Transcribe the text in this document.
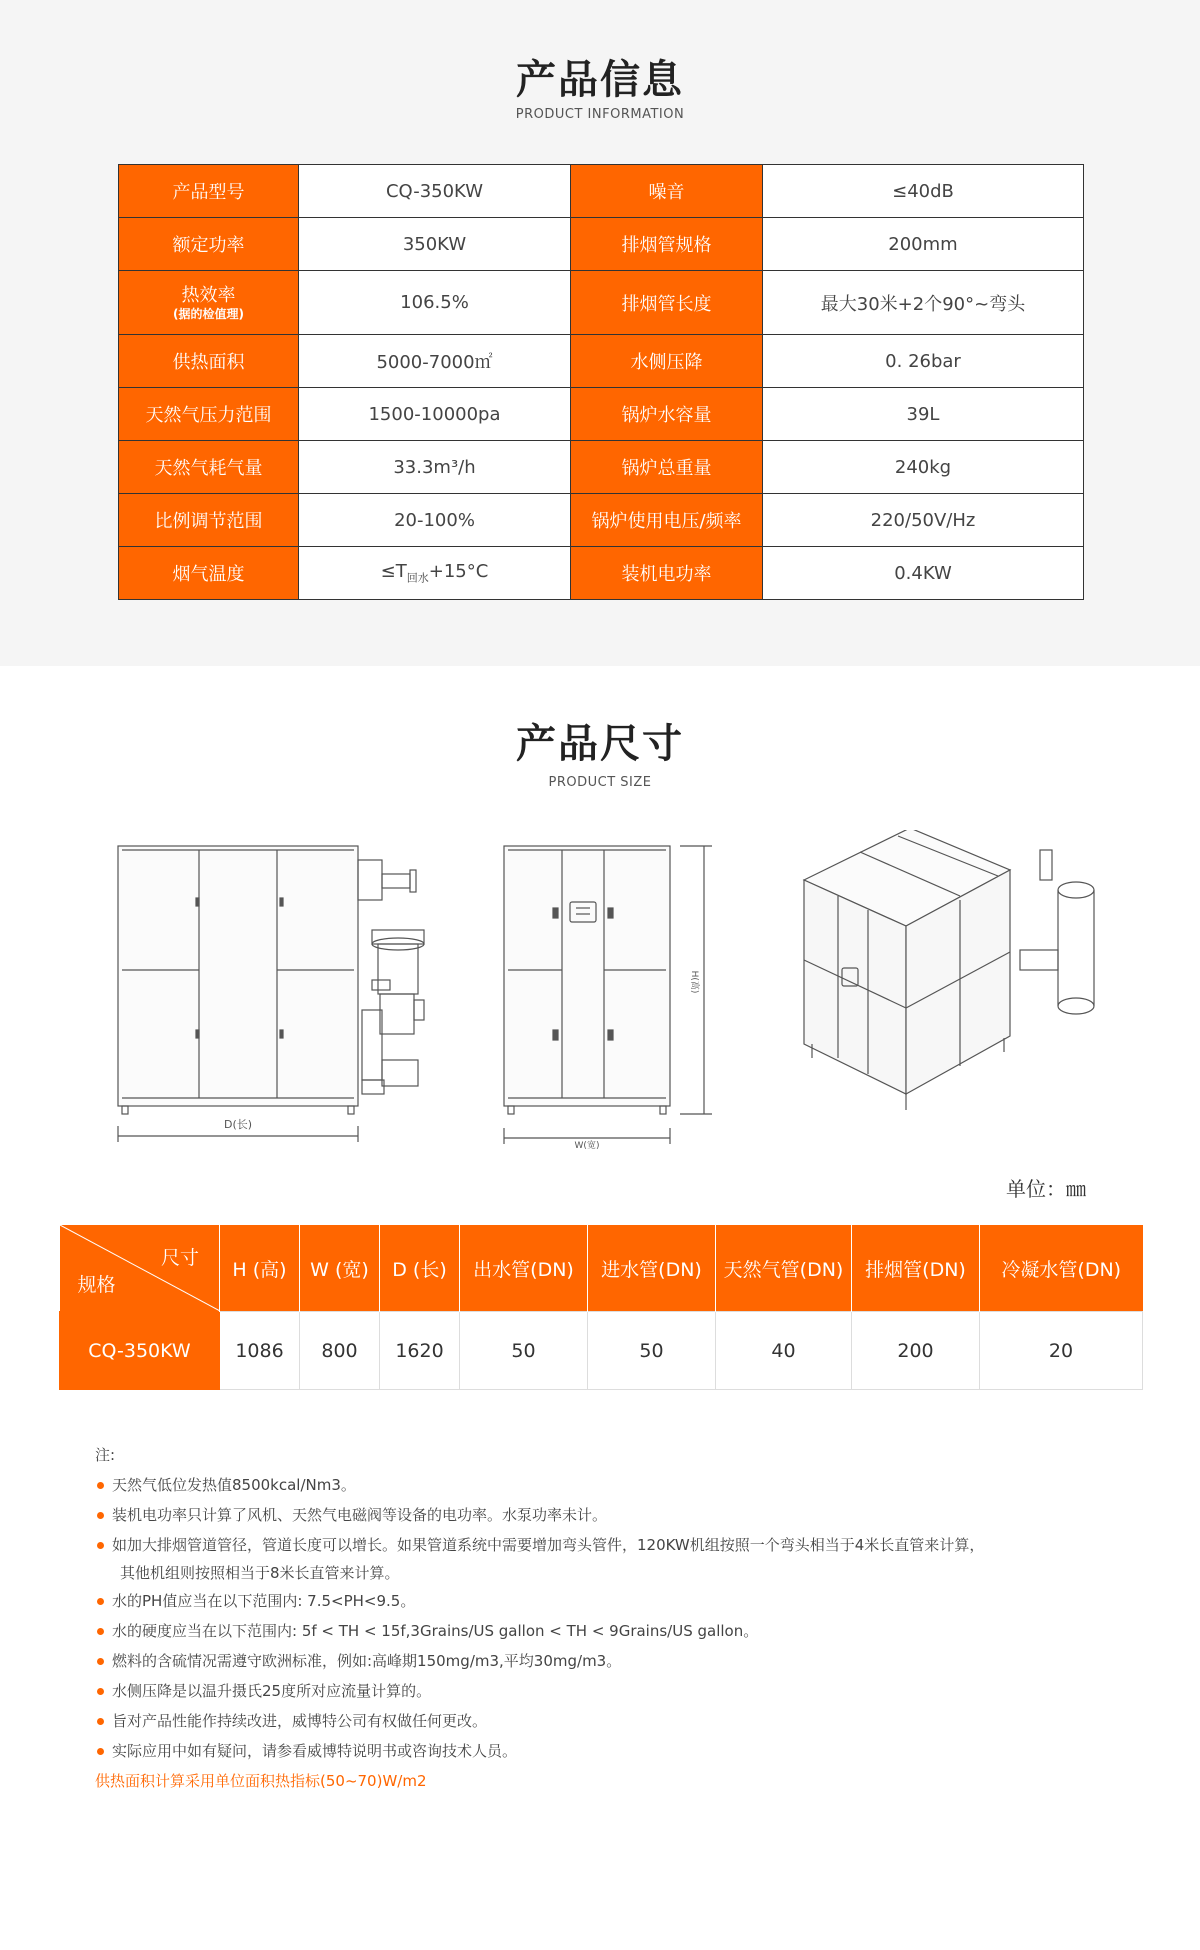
产品信息
PRODUCT INFORMATION
产品型号	CQ-350KW	噪音	≤40dB
额定功率	350KW	排烟管规格	200mm

热效率
(据的检值理)	106.5%	排烟管长度	最大30米+2个90°~弯头
供热面积	5000-7000㎡	水侧压降	0. 26bar
天然气压力范围	1500-10000pa	锅炉水容量	39L
天然气耗气量	33.3m³/h	锅炉总重量	240kg
比例调节范围	20-100%	锅炉使用电压/频率	220/50V/Hz
烟气温度	$\le T_{回水}+15^\circ C$	装机电功率	0.4KW
产品尺寸
PRODUCT SIZE
D(长)
W(宽)
H(高)
单位：㎜
尺寸
规格	H (高)	W (宽)	D (长)	出水管(DN)	进水管(DN)	天然气管(DN)	排烟管(DN)	冷凝水管(DN)
CQ-350KW	1086	800	1620	50	50	40	200	20
注:
天然气低位发热值8500kcal/Nm3。
装机电功率只计算了风机、天然气电磁阀等设备的电功率。水泵功率未计。
如加大排烟管道管径，管道长度可以增长。如果管道系统中需要增加弯头管件，120KW机组按照一个弯头相当于4米长直管来计算，
其他机组则按照相当于8米长直管来计算。
水的PH值应当在以下范围内: 7.5<PH<9.5。
水的硬度应当在以下范围内: 5f < TH < 15f,3Grains/US gallon < TH < 9Grains/US gallon。
燃料的含硫情况需遵守欧洲标准，例如:高峰期150mg/m3,平均30mg/m3。
水侧压降是以温升摄氏25度所对应流量计算的。
旨对产品性能作持续改进，威博特公司有权做任何更改。
实际应用中如有疑问，请参看威博特说明书或咨询技术人员。
供热面积计算采用单位面积热指标(50~70)W/m2
